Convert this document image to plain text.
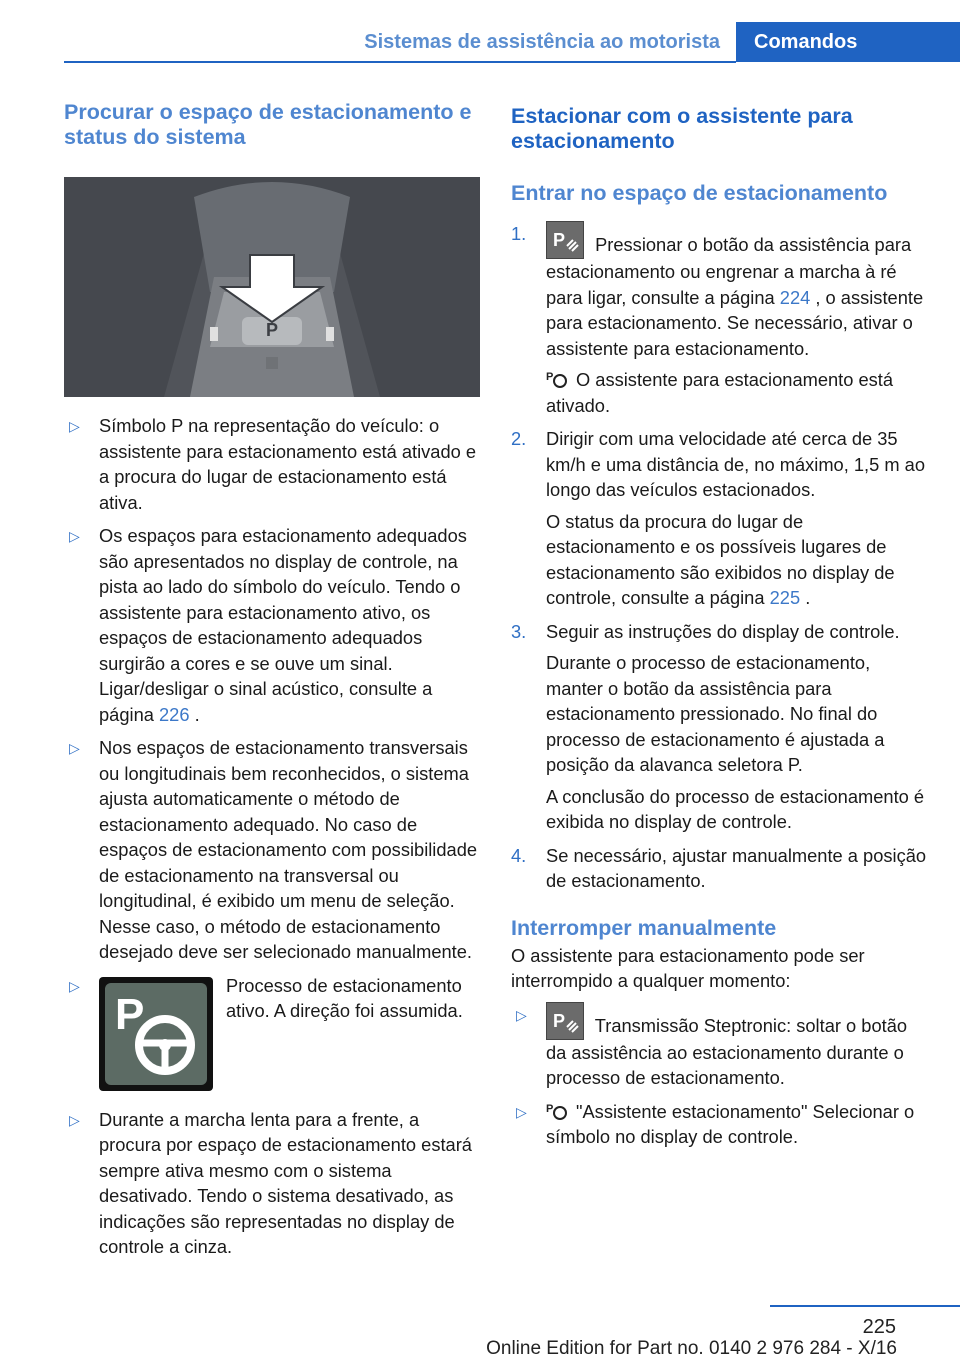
Sistemas de assistência ao motorista	Comandos
Procurar o espaço de estacionamento e status do sistema
P

▷ Símbolo P na representação do veículo: o assistente para estacionamento está ativado e a procura do lugar de estacionamento está ativa.

▷ Os espaços para estacionamento adequados são apresentados no display de controle, na pista ao lado do símbolo do veículo. Tendo o assistente para estacionamento ativo, os espaços de estacionamento adequados surgirão a cores e se ouve um sinal. Ligar/desligar o sinal acústico, consulte a página 226 .

▷ Nos espaços de estacionamento transversais ou longitudinais bem reconhecidos, o sistema ajusta automaticamente o método de estacionamento adequado. No caso de espaços de estacionamento com possibilidade de estacionamento na transversal ou longitudinal, é exibido um menu de seleção. Nesse caso, o método de estacionamento desejado deve ser selecionado manualmente.

▷
P
Processo de estacionamento ativo. A direção foi assumida.

▷ Durante a marcha lenta para a frente, a procura por espaço de estacionamento estará sempre ativa mesmo com o sistema desativado. Tendo o sistema desativado, as indicações são representadas no display de controle a cinza.

Estacionar com o assistente para estacionamento
Entrar no espaço de estacionamento
1. P Pressionar o botão da assistência para estacionamento ou engrenar a marcha à ré para ligar, consulte a página 224 , o assistente para estacionamento. Se necessário, ativar o assistente para estacionamento.
P O assistente para estacionamento está ativado.
2. Dirigir com uma velocidade até cerca de 35 km/h e uma distância de, no máximo, 1,5 m ao longo das veículos estacionados.
O status da procura do lugar de estacionamento e os possíveis lugares de estacionamento são exibidos no display de controle, consulte a página 225 .
3. Seguir as instruções do display de controle.
Durante o processo de estacionamento, manter o botão da assistência para estacionamento pressionado. No final do processo de estacionamento é ajustada a posição da alavanca seletora P.
A conclusão do processo de estacionamento é exibida no display de controle.
4. Se necessário, ajustar manualmente a posição de estacionamento.
Interromper manualmente

O assistente para estacionamento pode ser interrompido a qualquer momento:

▷ P Transmissão Steptronic: soltar o botão da assistência ao estacionamento durante o processo de estacionamento.

▷ P "Assistente estacionamento" Selecionar o símbolo no display de controle.

225
Online Edition for Part no. 0140 2 976 284 - X/16
